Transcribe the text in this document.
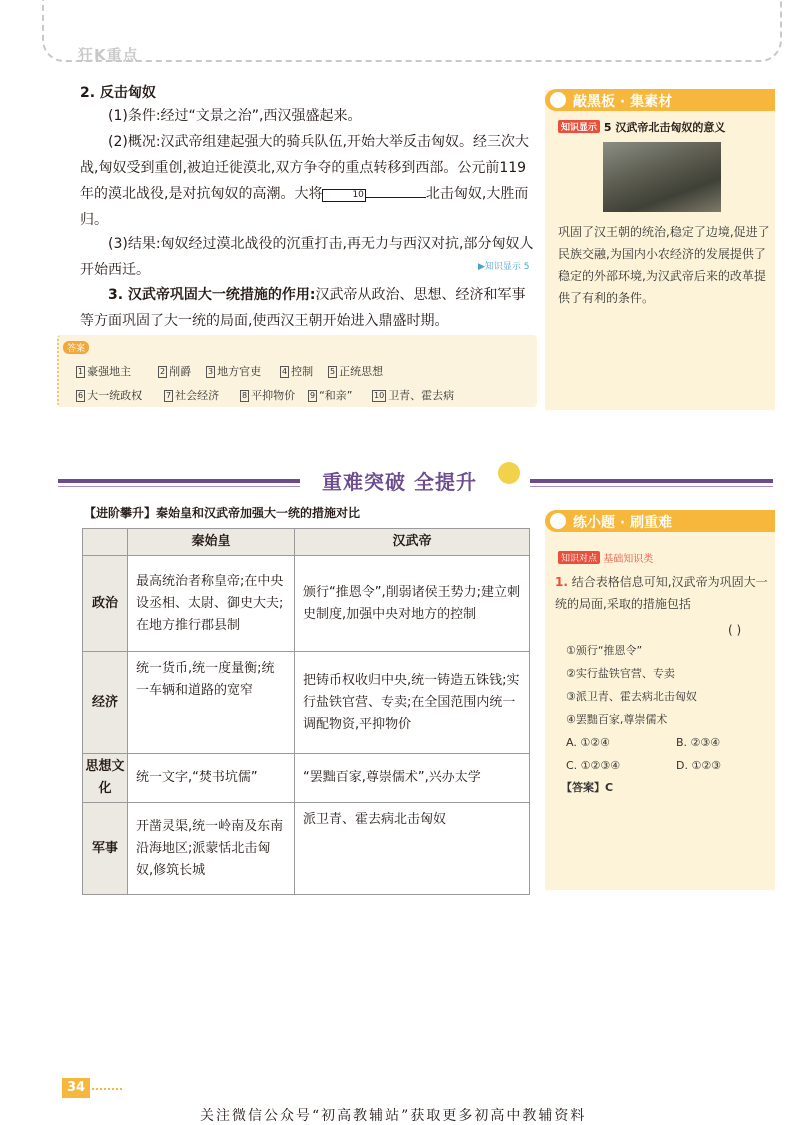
狂K重点
2. 反击匈奴
(1)条件:经过“文景之治”,西汉强盛起来。
(2)概况:汉武帝组建起强大的骑兵队伍,开始大举反击匈奴。经三次大战,匈奴受到重创,被迫迁徙漠北,双方争夺的重点转移到西部。公元前119年的漠北战役,是对抗匈奴的高潮。大将	10	北击匈奴,大胜而归。
(3)结果:匈奴经过漠北战役的沉重打击,再无力与西汉对抗,部分匈奴人开始西迁。	▶知识显示 5
3. 汉武帝巩固大一统措施的作用:汉武帝从政治、思想、经济和军事等方面巩固了大一统的局面,使西汉王朝开始进入鼎盛时期。
答案
1 豪强地主	2 削爵 3 地方官吏	4 控制 5 正统思想
6 大一统政权	7 社会经济	8 平抑物价 9 “和亲”	10 卫青、霍去病
重难突破 全提升
【进阶攀升】秦始皇和汉武帝加强大一统的措施对比
	秦始皇	汉武帝
政治	最高统治者称皇帝;在中央设丞相、太尉、御史大夫;在地方推行郡县制	颁行“推恩令”,削弱诸侯王势力;建立刺史制度,加强中央对地方的控制
经济	统一货币,统一度量衡;统一车辆和道路的宽窄	把铸币权收归中央,统一铸造五铢钱;实行盐铁官营、专卖;在全国范围内统一调配物资,平抑物价
思想文化	统一文字,“焚书坑儒”	“罢黜百家,尊崇儒术”,兴办太学
军事	开凿灵渠,统一岭南及东南沿海地区;派蒙恬北击匈奴,修筑长城	派卫青、霍去病北击匈奴
敲黑板 · 集素材
知识显示 5 汉武帝北击匈奴的意义
巩固了汉王朝的统治,稳定了边境,促进了民族交融,为国内小农经济的发展提供了稳定的外部环境,为汉武帝后来的改革提供了有利的条件。
练小题 · 刷重难
知识对点 基础知识类
1. 结合表格信息可知,汉武帝为巩固大一统的局面,采取的措施包括
( )
①颁行“推恩令”
②实行盐铁官营、专卖
③派卫青、霍去病北击匈奴
④罢黜百家,尊崇儒术
A. ①②④	B. ②③④
C. ①②③④	D. ①②③
【答案】C
34
关注微信公众号“初高教辅站”获取更多初高中教辅资料
